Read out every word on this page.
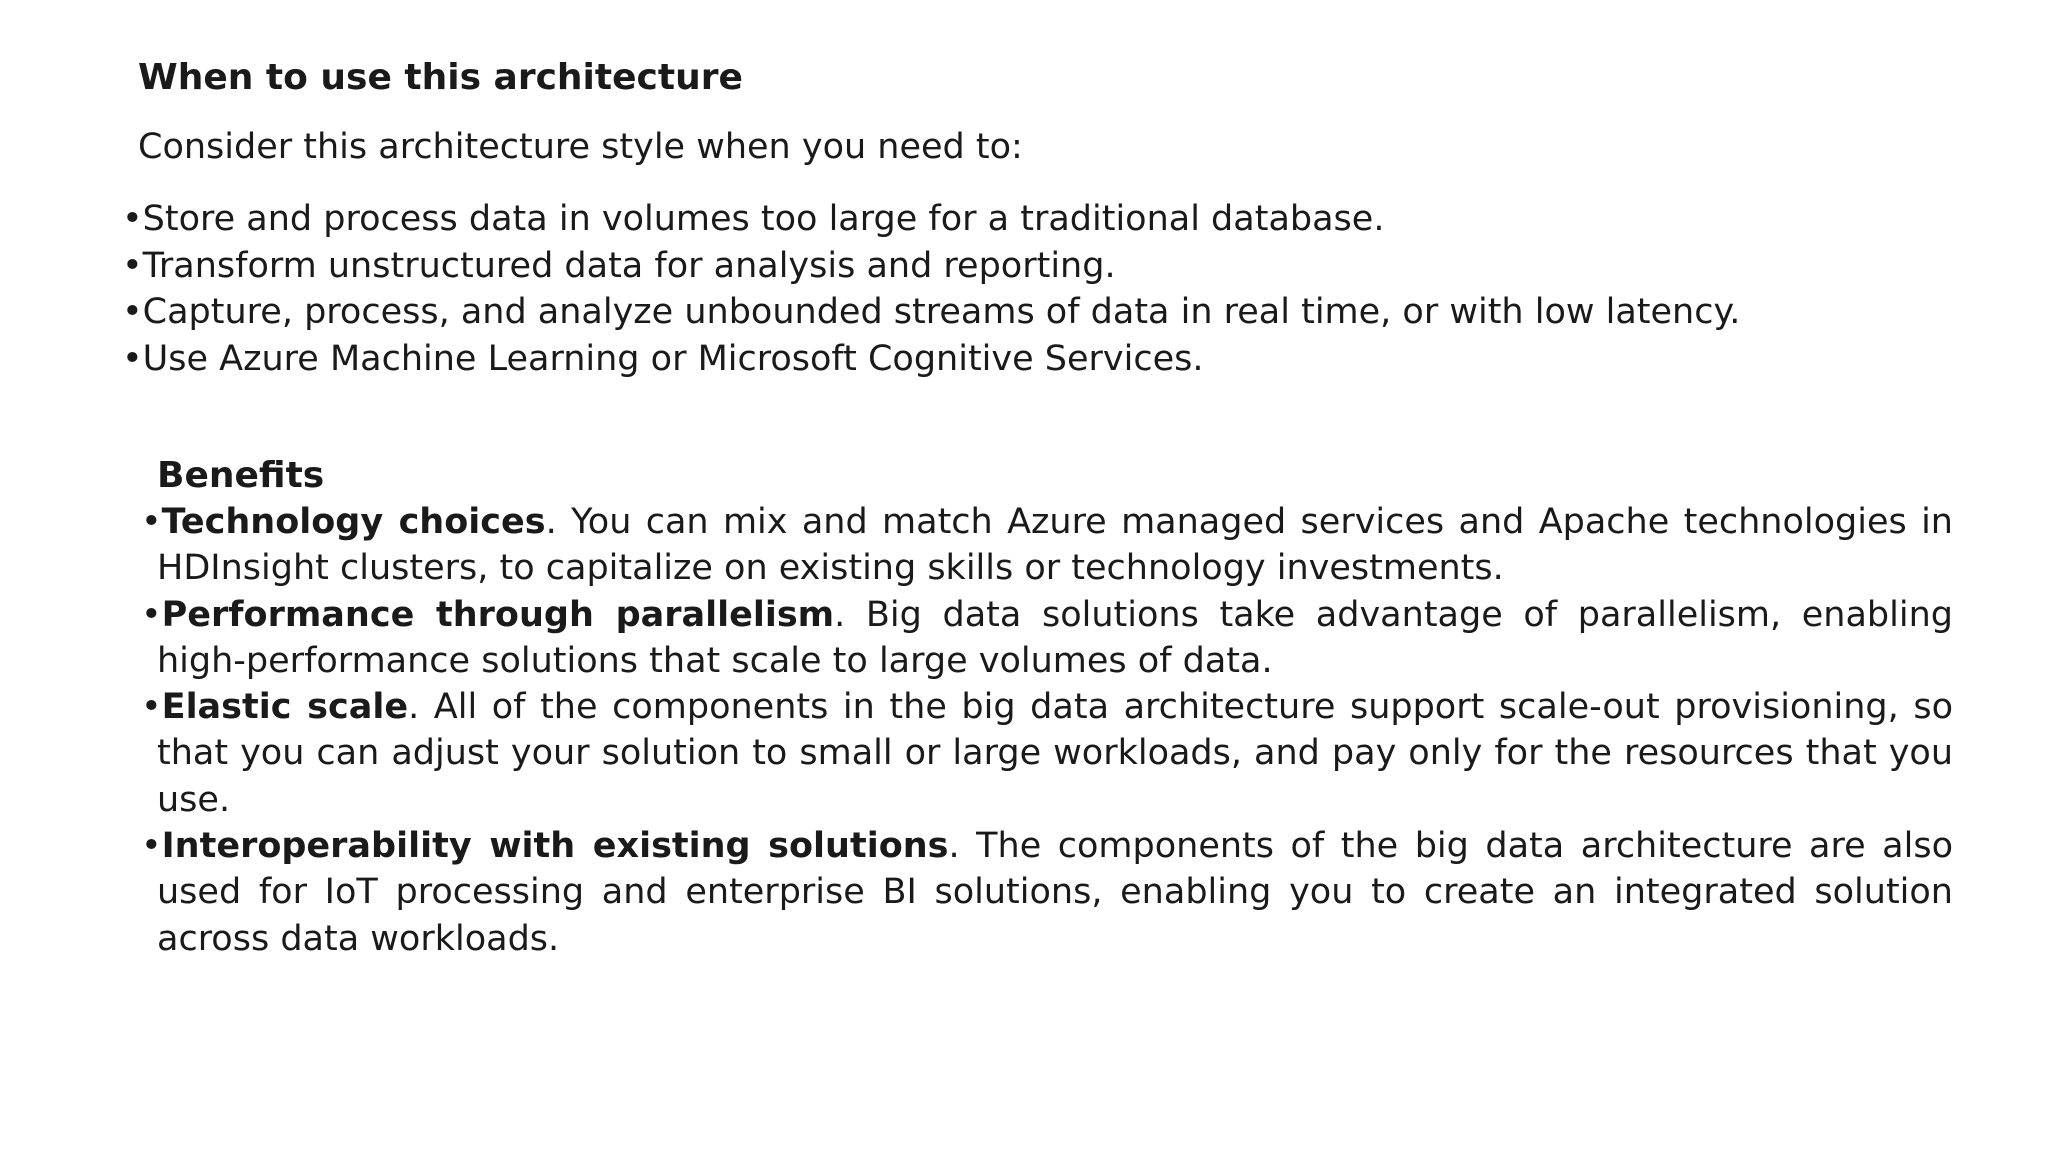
When to use this architecture
Consider this architecture style when you need to:
•Store and process data in volumes too large for a traditional database.
•Transform unstructured data for analysis and reporting.
•Capture, process, and analyze unbounded streams of data in real time, or with low latency.
•Use Azure Machine Learning or Microsoft Cognitive Services.
Benefits
•Technology choices. You can mix and match Azure managed services and Apache technologies in HDInsight clusters, to capitalize on existing skills or technology investments.
•Performance through parallelism. Big data solutions take advantage of parallelism, enabling high-performance solutions that scale to large volumes of data.
•Elastic scale. All of the components in the big data architecture support scale-out provisioning, so that you can adjust your solution to small or large workloads, and pay only for the resources that you use.
•Interoperability with existing solutions. The components of the big data architecture are also used for IoT processing and enterprise BI solutions, enabling you to create an integrated solution across data workloads.
